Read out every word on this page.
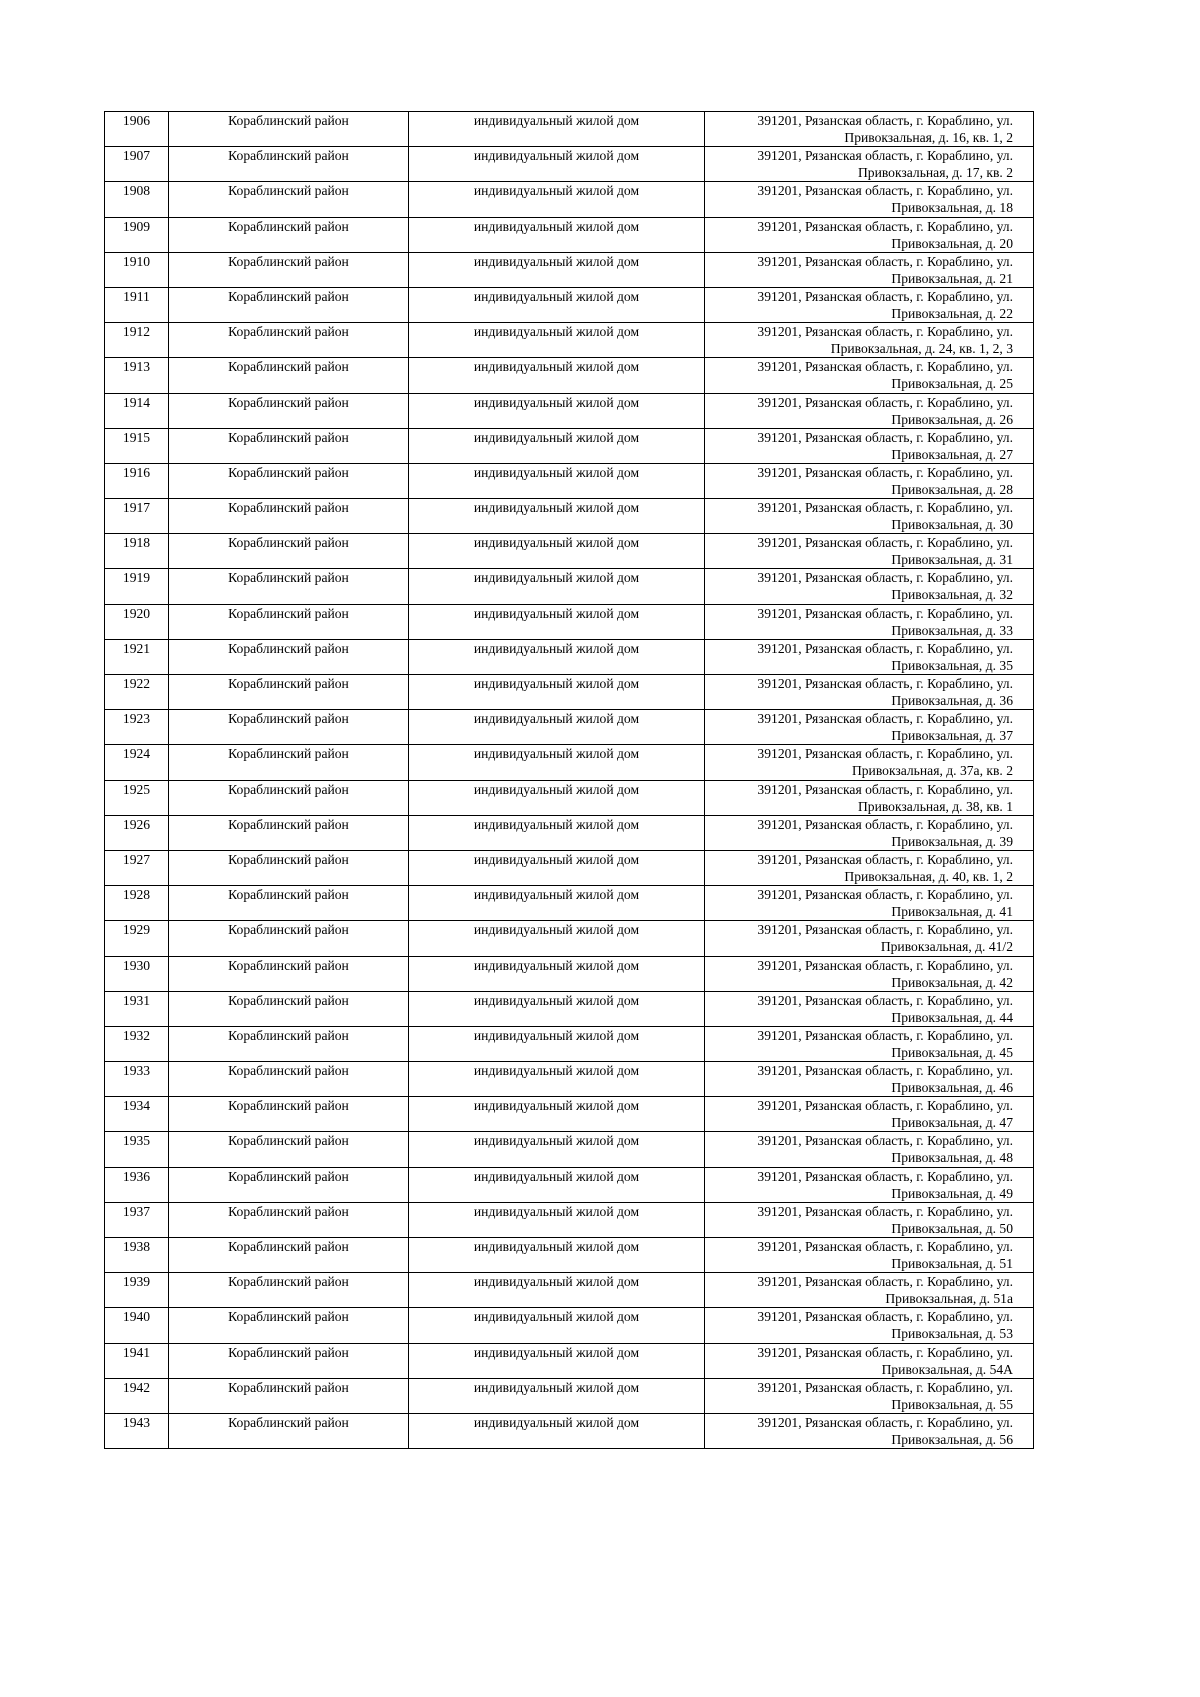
1906	Кораблинский район	индивидуальный жилой дом	391201, Рязанская область, г. Кораблино, ул. Привокзальная, д. 16, кв. 1, 2
1907	Кораблинский район	индивидуальный жилой дом	391201, Рязанская область, г. Кораблино, ул. Привокзальная, д. 17, кв. 2
1908	Кораблинский район	индивидуальный жилой дом	391201, Рязанская область, г. Кораблино, ул. Привокзальная, д. 18
1909	Кораблинский район	индивидуальный жилой дом	391201, Рязанская область, г. Кораблино, ул. Привокзальная, д. 20
1910	Кораблинский район	индивидуальный жилой дом	391201, Рязанская область, г. Кораблино, ул. Привокзальная, д. 21
1911	Кораблинский район	индивидуальный жилой дом	391201, Рязанская область, г. Кораблино, ул. Привокзальная, д. 22
1912	Кораблинский район	индивидуальный жилой дом	391201, Рязанская область, г. Кораблино, ул. Привокзальная, д. 24, кв. 1, 2, 3
1913	Кораблинский район	индивидуальный жилой дом	391201, Рязанская область, г. Кораблино, ул. Привокзальная, д. 25
1914	Кораблинский район	индивидуальный жилой дом	391201, Рязанская область, г. Кораблино, ул. Привокзальная, д. 26
1915	Кораблинский район	индивидуальный жилой дом	391201, Рязанская область, г. Кораблино, ул. Привокзальная, д. 27
1916	Кораблинский район	индивидуальный жилой дом	391201, Рязанская область, г. Кораблино, ул. Привокзальная, д. 28
1917	Кораблинский район	индивидуальный жилой дом	391201, Рязанская область, г. Кораблино, ул. Привокзальная, д. 30
1918	Кораблинский район	индивидуальный жилой дом	391201, Рязанская область, г. Кораблино, ул. Привокзальная, д. 31
1919	Кораблинский район	индивидуальный жилой дом	391201, Рязанская область, г. Кораблино, ул. Привокзальная, д. 32
1920	Кораблинский район	индивидуальный жилой дом	391201, Рязанская область, г. Кораблино, ул. Привокзальная, д. 33
1921	Кораблинский район	индивидуальный жилой дом	391201, Рязанская область, г. Кораблино, ул. Привокзальная, д. 35
1922	Кораблинский район	индивидуальный жилой дом	391201, Рязанская область, г. Кораблино, ул. Привокзальная, д. 36
1923	Кораблинский район	индивидуальный жилой дом	391201, Рязанская область, г. Кораблино, ул. Привокзальная, д. 37
1924	Кораблинский район	индивидуальный жилой дом	391201, Рязанская область, г. Кораблино, ул. Привокзальная, д. 37а, кв. 2
1925	Кораблинский район	индивидуальный жилой дом	391201, Рязанская область, г. Кораблино, ул. Привокзальная, д. 38, кв. 1
1926	Кораблинский район	индивидуальный жилой дом	391201, Рязанская область, г. Кораблино, ул. Привокзальная, д. 39
1927	Кораблинский район	индивидуальный жилой дом	391201, Рязанская область, г. Кораблино, ул. Привокзальная, д. 40, кв. 1, 2
1928	Кораблинский район	индивидуальный жилой дом	391201, Рязанская область, г. Кораблино, ул. Привокзальная, д. 41
1929	Кораблинский район	индивидуальный жилой дом	391201, Рязанская область, г. Кораблино, ул. Привокзальная, д. 41/2
1930	Кораблинский район	индивидуальный жилой дом	391201, Рязанская область, г. Кораблино, ул. Привокзальная, д. 42
1931	Кораблинский район	индивидуальный жилой дом	391201, Рязанская область, г. Кораблино, ул. Привокзальная, д. 44
1932	Кораблинский район	индивидуальный жилой дом	391201, Рязанская область, г. Кораблино, ул. Привокзальная, д. 45
1933	Кораблинский район	индивидуальный жилой дом	391201, Рязанская область, г. Кораблино, ул. Привокзальная, д. 46
1934	Кораблинский район	индивидуальный жилой дом	391201, Рязанская область, г. Кораблино, ул. Привокзальная, д. 47
1935	Кораблинский район	индивидуальный жилой дом	391201, Рязанская область, г. Кораблино, ул. Привокзальная, д. 48
1936	Кораблинский район	индивидуальный жилой дом	391201, Рязанская область, г. Кораблино, ул. Привокзальная, д. 49
1937	Кораблинский район	индивидуальный жилой дом	391201, Рязанская область, г. Кораблино, ул. Привокзальная, д. 50
1938	Кораблинский район	индивидуальный жилой дом	391201, Рязанская область, г. Кораблино, ул. Привокзальная, д. 51
1939	Кораблинский район	индивидуальный жилой дом	391201, Рязанская область, г. Кораблино, ул. Привокзальная, д. 51а
1940	Кораблинский район	индивидуальный жилой дом	391201, Рязанская область, г. Кораблино, ул. Привокзальная, д. 53
1941	Кораблинский район	индивидуальный жилой дом	391201, Рязанская область, г. Кораблино, ул. Привокзальная, д. 54А
1942	Кораблинский район	индивидуальный жилой дом	391201, Рязанская область, г. Кораблино, ул. Привокзальная, д. 55
1943	Кораблинский район	индивидуальный жилой дом	391201, Рязанская область, г. Кораблино, ул. Привокзальная, д. 56
